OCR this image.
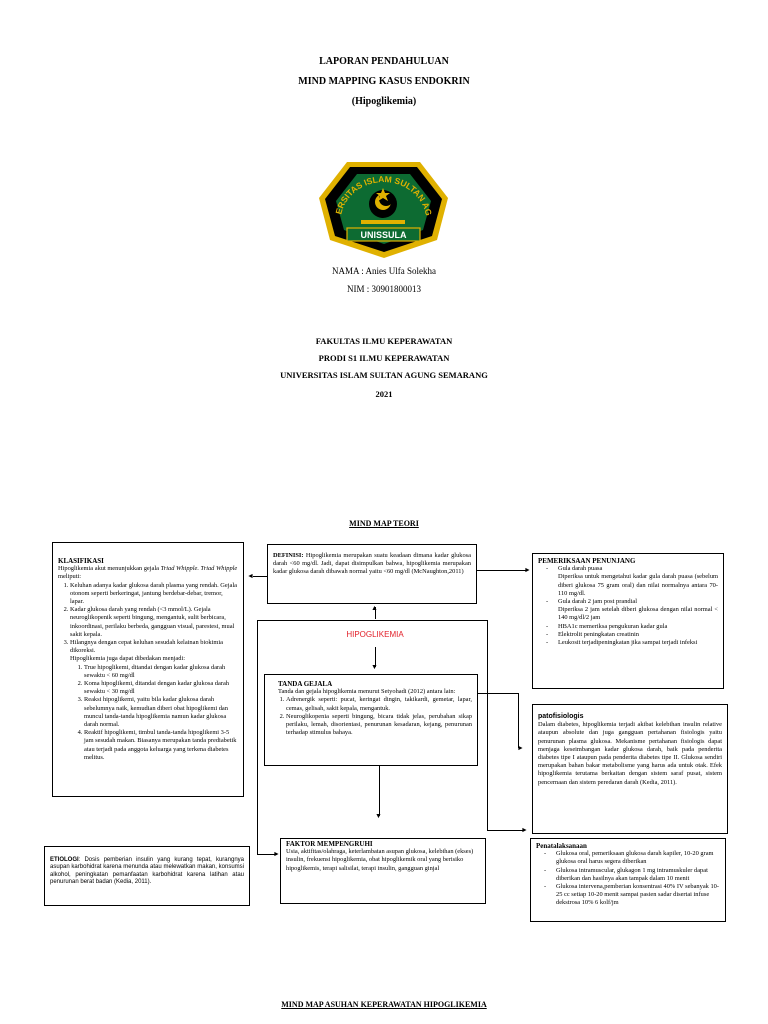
LAPORAN PENDAHULUAN
MIND MAPPING KASUS ENDOKRIN
(Hipoglikemia)
ERSITAS ISLAM SULTAN AG
UNISSULA
NAMA : Anies Ulfa Solekha
NIM : 30901800013
FAKULTAS ILMU KEPERAWATAN
PRODI S1 ILMU KEPERAWATAN
UNIVERSITAS ISLAM SULTAN AGUNG SEMARANG
2021
MIND MAP TEORI
◄
►
▲
▼
►
►
►
▼
KLASIFIKASI
Hipoglikemia akut menunjukkan gejala Triad Whipple. Triad Whipple meliputi:
1. Keluhan adanya kadar glukosa darah plasma yang rendah. Gejala otonom seperti berkeringat, jantung berdebar-debar, tremor, lapar.
2. Kadar glukosa darah yang rendah (<3 mmol/L). Gejala neuroglikopenik seperti bingung, mengantuk, sulit berbicara, inkoordinasi, perilaku berbeda, gangguan visual, parestesi, mual sakit kepala.
3. Hilangnya dengan cepat keluhan sesudah kelainan biokimia dikoreksi.
Hipoglikemia juga dapat dibedakan menjadi:
1. True hipoglikemi, ditandai dengan kadar glukosa darah sewaktu < 60 mg/dl
2. Koma hipoglikemi, ditandai dengan kadar glukosa darah sewaktu < 30 mg/dl
3. Reaksi hipoglikemi, yaitu bila kadar glukosa darah sebelumnya naik, kemudian diberi obat hipoglikemi dan muncul tanda-tanda hipoglikemia namun kadar glukosa darah normal.
4. Reaktif hipoglikemi, timbul tanda-tanda hipoglikemi 3-5 jam sesudah makan. Biasanya merupakan tanda prediabetik atau terjadi pada anggota keluarga yang terkena diabetes melitus.
DEFINISI: Hipoglikemia merupakan suatu keadaan dimana kadar glukosa darah <60 mg/dl. Jadi, dapat disimpulkan bahwa, hipoglikemia merupakan kadar glukosa darah dibawah normal yaitu <60 mg/dl (McNaughton,2011)
HIPOGLIKEMIA
PEMERIKSAAN PENUNJANG
- Gula darah puasa
Diperiksa untuk mengetahui kadar gula darah puasa (sebelum diberi glukosa 75 gram oral) dan nilai normalnya antara 70- 110 mg/dl.
- Gula darah 2 jam post prandial
Diperiksa 2 jam setelah diberi glukosa dengan nilai normal < 140 mg/dl/2 jam
- HBA1c memeriksa pengukuran kadar gula
- Elektrolit peningkatan creatinin
- Leukosit terjadipeningkatan jika sampai terjadi infeksi
TANDA GEJALA
Tanda dan gejala hipoglikemia menurut Setyohadi (2012) antara lain:
1. Adrenergik seperti: pucat, keringat dingin, takikardi, gemetar, lapar, cemas, gelisah, sakit kepala, mengantuk.
2. Neuroglikopenia seperti bingung, bicara tidak jelas, perubahan sikap perilaku, lemah, disorientasi, penurunan kesadaran, kejang, penurunan terhadap stimulus bahaya.
patofisiologis
Dalam diabetes, hipoglikemia terjadi akibat kelebihan insulin relative ataupun absolute dan juga gangguan pertahanan fisiologis yaitu penurunan plasma glukosa. Mekanisme pertahanan fisiologis dapat menjaga keseimbangan kadar glukosa darah, baik pada penderita diabetes tipe I ataupun pada penderita diabetes tipe II. Glukosa sendiri merupakan bahan bakar metabolisme yang harus ada untuk otak. Efek hipoglikemia terutama berkaitan dengan sistem saraf pusat, sistem pencernaan dan sistem peredaran darah (Kedia, 2011).
ETIOLOGI: Dosis pemberian insulin yang kurang tepat, kurangnya asupan karbohidrat karena menunda atau melewatkan makan, konsumsi alkohol, peningkatan pemanfaatan karbohidrat karena latihan atau penurunan berat badan (Kedia, 2011).
FAKTOR MEMPENGRUHI
Usia, aktifitas/olahraga, keterlambatan asupan glukosa, kelebihan (ekses) insulin, frekuensi hipoglikemia, obat hipoglikemik oral yang berisiko hipoglikemis, terapi salisilat, terapi insulin, gangguan ginjal
Penatalaksanaan
- Glukosa oral, pemeriksaan glukosa darah kapiler, 10-20 gram glukosa oral harus segera diberikan
- Glukosa intramuscular, glukagon 1 mg intramuskuler dapat diberikan dan hasilnya akan tampak dalam 10 menit
- Glukosa intervena,pemberian konsentrasi 40% IV sebanyak 10-25 cc setiap 10-20 menit sampai pasien sadar disertai infuse dekstrosa 10% 6 kolf/jm
MIND MAP ASUHAN KEPERAWATAN HIPOGLIKEMIA
